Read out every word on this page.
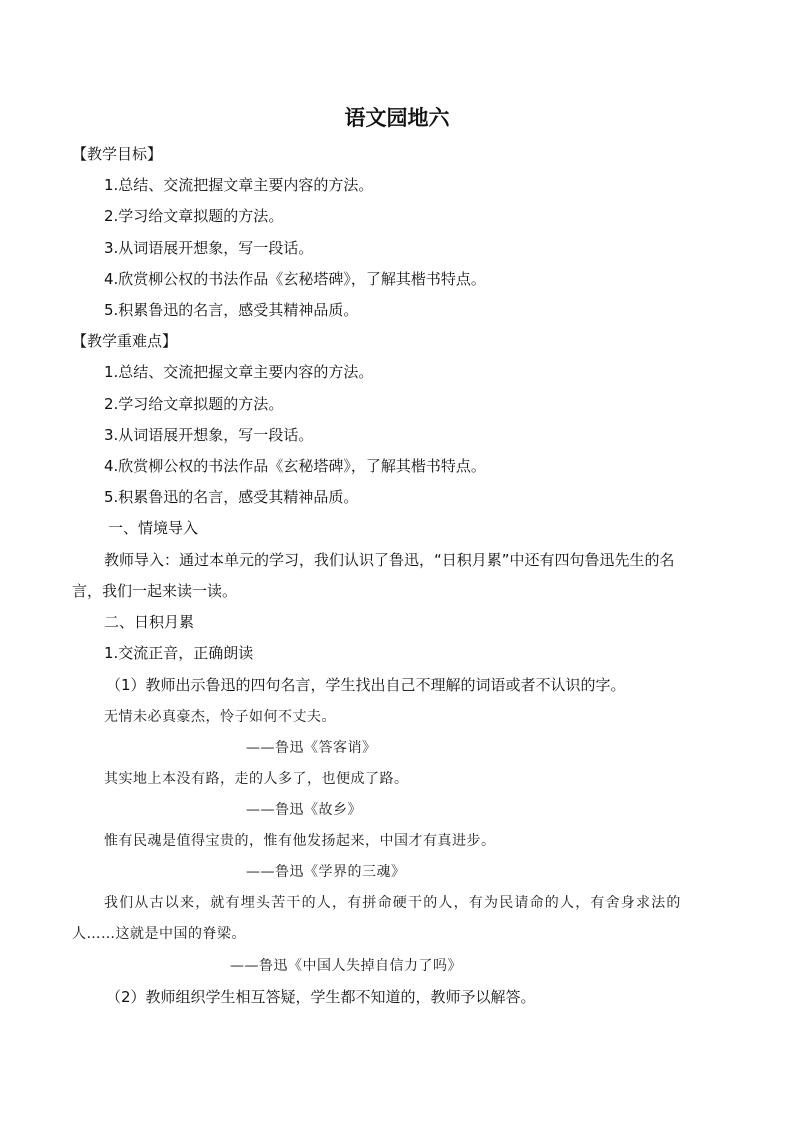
语文园地六
【教学目标】
1.总结、交流把握文章主要内容的方法。
2.学习给文章拟题的方法。
3.从词语展开想象，写一段话。
4.欣赏柳公权的书法作品《玄秘塔碑》，了解其楷书特点。
5.积累鲁迅的名言，感受其精神品质。
【教学重难点】
1.总结、交流把握文章主要内容的方法。
2.学习给文章拟题的方法。
3.从词语展开想象，写一段话。
4.欣赏柳公权的书法作品《玄秘塔碑》，了解其楷书特点。
5.积累鲁迅的名言，感受其精神品质。
一、情境导入
教师导入：通过本单元的学习，我们认识了鲁迅，“日积月累”中还有四句鲁迅先生的名
言，我们一起来读一读。
二、日积月累
1.交流正音，正确朗读
（1）教师出示鲁迅的四句名言，学生找出自己不理解的词语或者不认识的字。
无情未必真豪杰，怜子如何不丈夫。
——鲁迅《答客诮》
其实地上本没有路，走的人多了，也便成了路。
——鲁迅《故乡》
惟有民魂是值得宝贵的，惟有他发扬起来，中国才有真进步。
——鲁迅《学界的三魂》
我们从古以来，就有埋头苦干的人，有拼命硬干的人，有为民请命的人，有舍身求法的
人……这就是中国的脊梁。
——鲁迅《中国人失掉自信力了吗》
（2）教师组织学生相互答疑，学生都不知道的，教师予以解答。
